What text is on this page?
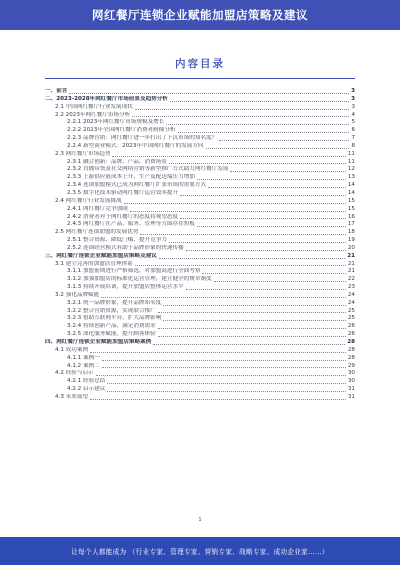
网红餐厅连锁企业赋能加盟店策略及建议
内容目录
一、前言	3
二、2023-2028年网红餐厅市场前景及趋势分析	3
2.1 中国网红餐厅行业发展现状	3
2.2 2023年网红餐厅市场分析	4
2.2.1 2023年网红餐厅市场规模及增长	5
2.2.2 2023年全国网红餐厅消费者画像分析	6
2.2.3 品牌营销：网红餐厅进一步打出了下沉市场的知名度？	7
2.2.4 新型商业模式：2023年中国网红餐厅的发展方向	8
2.3 网红餐厅市场趋势	11
2.3.1 融合创新：品牌、产品、消费场景	11
2.3.2 直播带货及社交网络营销等新型推广方式助力网红餐厅发展	12
2.3.3 上游供应链成本上升、生产及配送端压力增加	13
2.3.4 连锁加盟模式已成为网红餐厅扩张市场的重要方式	14
2.3.5 数字化技术驱动网红餐厅运营效率提升	14
2.4 网红餐厅行业发展挑战	15
2.4.1 网红餐厅竞争加剧	15
2.4.2 消费者对于网红餐厅的态度持观望态度	16
2.4.3 网红餐厅在产品、服务、管理等方面存在短板	17
2.5 网红餐厅连锁加盟的发展优势	18
2.5.1 整合资源、降低门槛、提升竞争力	19
2.5.2 连锁经营模式有助于品牌形象的快速传播	20
三、网红餐厅连锁企业赋能加盟店策略及建议	21
3.1 建立完善的加盟店管理体系	21
3.1.1 加盟前期进行严格筛选，对加盟商进行全面考察	21
3.1.2 加强加盟店的标准化运营管理，建立健全的规章制度	22
3.1.3 持续开展培训，提升加盟店整体运营水平	23
3.2 强化品牌赋能	24
3.2.1 统一品牌形象，提升品牌知名度	24
3.2.2 整合营销资源，实现联合推广	25
3.2.3 借助互联网平台，扩大品牌影响	25
3.2.4 持续创新产品，满足消费需求	26
3.2.5 深化服务赋能，提升顾客体验	26
四、网红餐厅连锁企业赋能加盟店策略案例	28
4.1 成功案例	28
4.1.1 案例一	28
4.1.2 案例二	29
4.2 经验与启示	30
4.2.1 经验总结	30
4.2.2 启示建议	31
4.3 未来展望	31
1
让每个人都能成为 （行业专家、管理专家、营销专家、战略专家、成功企业家……）
